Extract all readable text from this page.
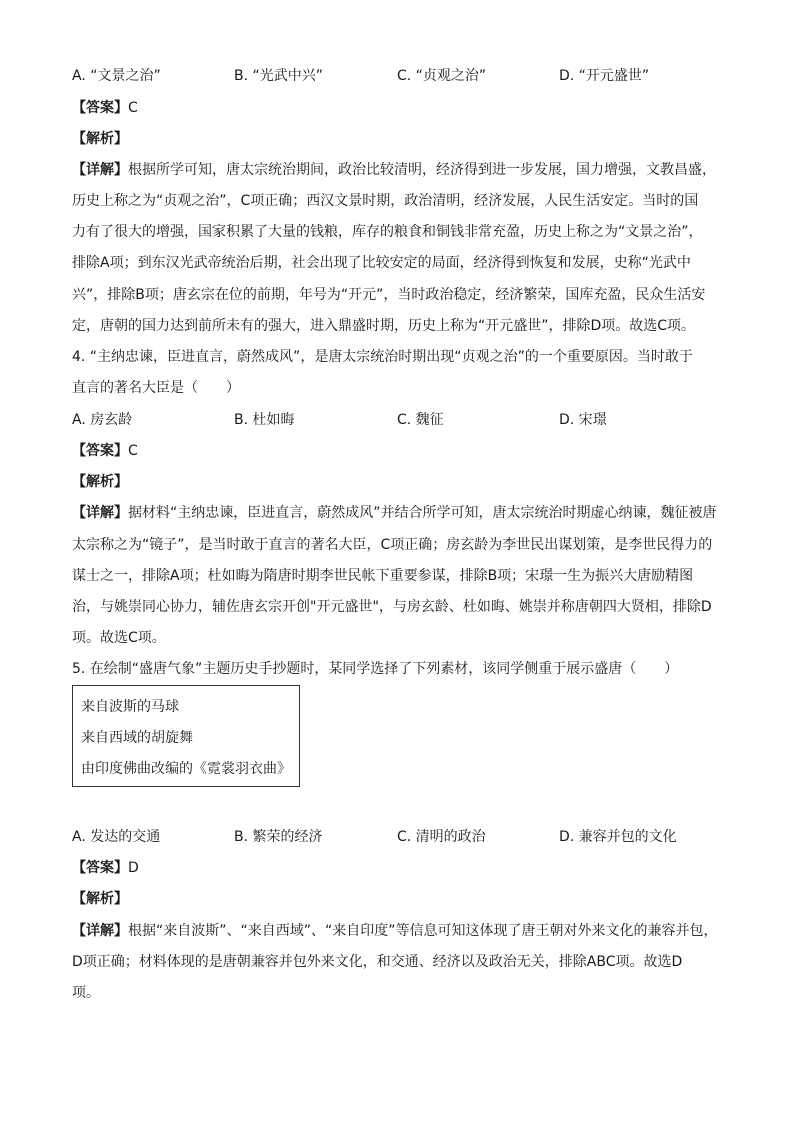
A. “文景之治”	B. “光武中兴”	C. “贞观之治”	D. “开元盛世”
【答案】C
【解析】
【详解】根据所学可知，唐太宗统治期间，政治比较清明，经济得到进一步发展，国力增强，文教昌盛，
历史上称之为“贞观之治”，C项正确；西汉文景时期，政治清明，经济发展，人民生活安定。当时的国
力有了很大的增强，国家积累了大量的钱粮，库存的粮食和铜钱非常充盈，历史上称之为“文景之治”，
排除A项；到东汉光武帝统治后期，社会出现了比较安定的局面，经济得到恢复和发展，史称“光武中
兴”，排除B项；唐玄宗在位的前期，年号为“开元”，当时政治稳定，经济繁荣，国库充盈，民众生活安
定，唐朝的国力达到前所未有的强大，进入鼎盛时期，历史上称为“开元盛世”，排除D项。故选C项。
4. “主纳忠谏，臣进直言，蔚然成风”，是唐太宗统治时期出现“贞观之治”的一个重要原因。当时敢于
直言的著名大臣是（　　）
A. 房玄龄	B. 杜如晦	C. 魏征	D. 宋璟
【答案】C
【解析】
【详解】据材料“主纳忠谏，臣进直言，蔚然成风”并结合所学可知，唐太宗统治时期虚心纳谏，魏征被唐
太宗称之为“镜子”，是当时敢于直言的著名大臣，C项正确；房玄龄为李世民出谋划策，是李世民得力的
谋士之一，排除A项；杜如晦为隋唐时期李世民帐下重要参谋，排除B项；宋璟一生为振兴大唐励精图
治，与姚崇同心协力，辅佐唐玄宗开创"开元盛世"，与房玄龄、杜如晦、姚崇并称唐朝四大贤相，排除D
项。故选C项。
5. 在绘制“盛唐气象”主题历史手抄题时，某同学选择了下列素材，该同学侧重于展示盛唐（　　）
来自波斯的马球
来自西域的胡旋舞
由印度佛曲改编的《霓裳羽衣曲》
A. 发达的交通	B. 繁荣的经济	C. 清明的政治	D. 兼容并包的文化
【答案】D
【解析】
【详解】根据“来自波斯”、“来自西域”、“来自印度”等信息可知这体现了唐王朝对外来文化的兼容并包，
D项正确；材料体现的是唐朝兼容并包外来文化，和交通、经济以及政治无关，排除ABC项。故选D
项。
